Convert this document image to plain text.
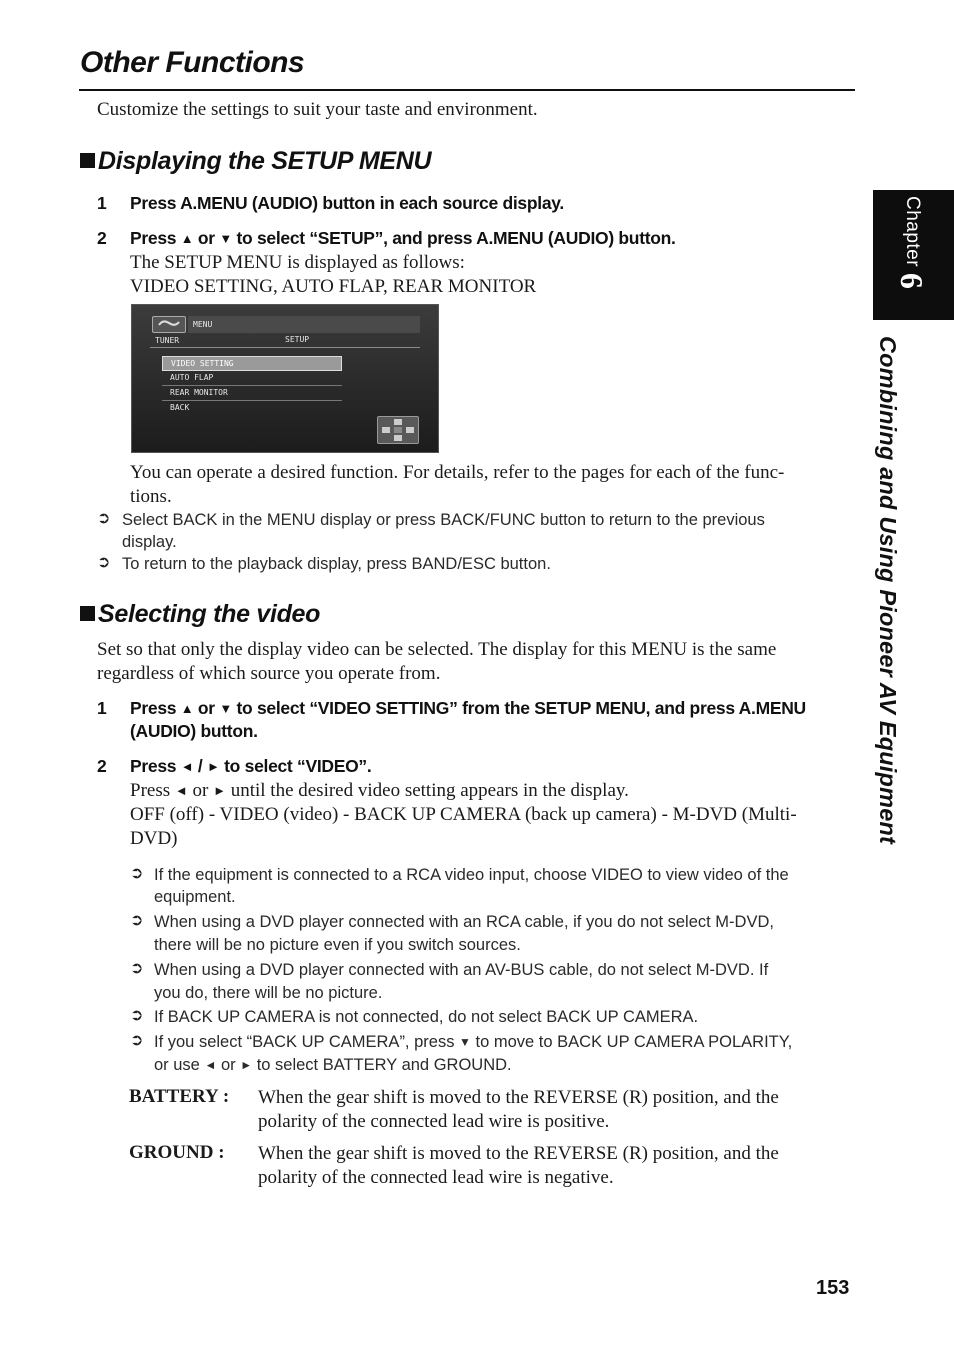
Other Functions
Customize the settings to suit your taste and environment.
Chapter 6
Combining and Using Pioneer AV Equipment
Displaying the SETUP MENU
1 Press A.MENU (AUDIO) button in each source display.
2 Press ▲ or ▼ to select “SETUP”, and press A.MENU (AUDIO) button.
The SETUP MENU is displayed as follows:
VIDEO SETTING, AUTO FLAP, REAR MONITOR
MENU
TUNER	SETUP
VIDEO SETTING
AUTO FLAP
REAR MONITOR
BACK
You can operate a desired function. For details, refer to the pages for each of the func-
tions.
➲ Select BACK in the MENU display or press BACK/FUNC button to return to the previous
display.
➲ To return to the playback display, press BAND/ESC button.
Selecting the video
Set so that only the display video can be selected. The display for this MENU is the same
regardless of which source you operate from.
1 Press ▲ or ▼ to select “VIDEO SETTING” from the SETUP MENU, and press A.MENU
(AUDIO) button.
2 Press ◄ / ► to select “VIDEO”.
Press ◄ or ► until the desired video setting appears in the display.
OFF (off) - VIDEO (video) - BACK UP CAMERA (back up camera) - M-DVD (Multi-
DVD)
➲ If the equipment is connected to a RCA video input, choose VIDEO to view video of the
equipment.
➲ When using a DVD player connected with an RCA cable, if you do not select M-DVD,
there will be no picture even if you switch sources.
➲ When using a DVD player connected with an AV-BUS cable, do not select M-DVD. If
you do, there will be no picture.
➲ If BACK UP CAMERA is not connected, do not select BACK UP CAMERA.
➲ If you select “BACK UP CAMERA”, press ▼ to move to BACK UP CAMERA POLARITY,
or use ◄ or ► to select BATTERY and GROUND.
BATTERY : When the gear shift is moved to the REVERSE (R) position, and the
polarity of the connected lead wire is positive.
GROUND : When the gear shift is moved to the REVERSE (R) position, and the
polarity of the connected lead wire is negative.
153
